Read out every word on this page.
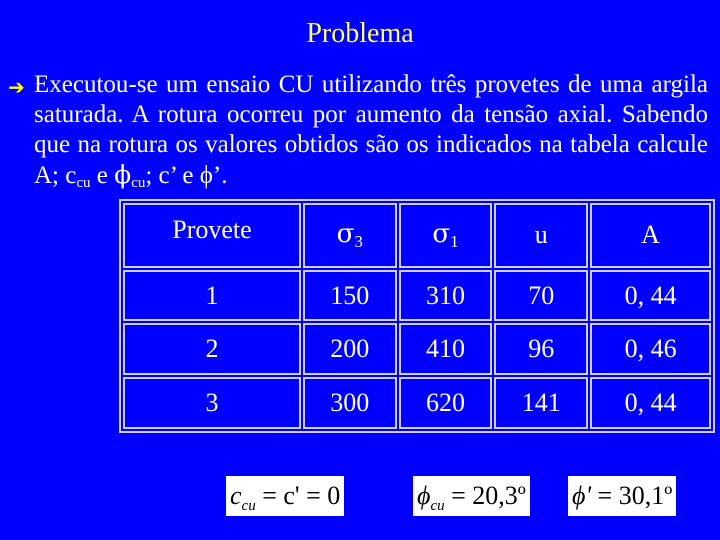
Problema
➔ Executou-se um ensaio CU utilizando três provetes de uma argila saturada. A rotura ocorreu por aumento da tensão axial. Sabendo que na rotura os valores obtidos são os indicados na tabela calcule A; $c_{cu}$ e $\phi_{cu}$; c’ e ϕ’.
Provete	$\sigma_3$	$\sigma_1$	u	A
1	150	310	70	0, 44
2	200	410	96	0, 46
3	300	620	141	0, 44
$c_{cu} = c' = 0$	$\phi_{cu}$ = 20,3º ϕ' = 30,1º
